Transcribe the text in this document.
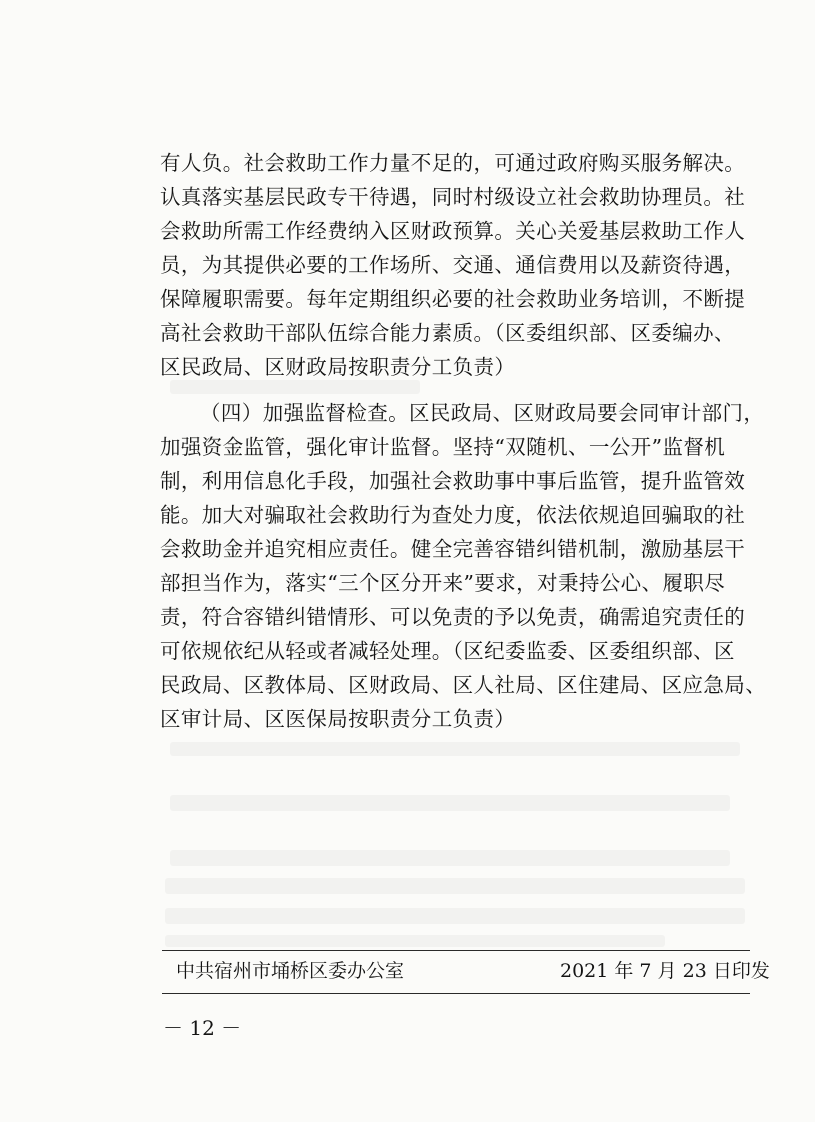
有人负。社会救助工作力量不足的，可通过政府购买服务解决。
认真落实基层民政专干待遇，同时村级设立社会救助协理员。社
会救助所需工作经费纳入区财政预算。关心关爱基层救助工作人
员，为其提供必要的工作场所、交通、通信费用以及薪资待遇，
保障履职需要。每年定期组织必要的社会救助业务培训，不断提
高社会救助干部队伍综合能力素质。（区委组织部、区委编办、
区民政局、区财政局按职责分工负责）
（四）加强监督检查。区民政局、区财政局要会同审计部门，
加强资金监管，强化审计监督。坚持“双随机、一公开”监督机
制，利用信息化手段，加强社会救助事中事后监管，提升监管效
能。加大对骗取社会救助行为查处力度，依法依规追回骗取的社
会救助金并追究相应责任。健全完善容错纠错机制，激励基层干
部担当作为，落实“三个区分开来”要求，对秉持公心、履职尽
责，符合容错纠错情形、可以免责的予以免责，确需追究责任的
可依规依纪从轻或者减轻处理。（区纪委监委、区委组织部、区
民政局、区教体局、区财政局、区人社局、区住建局、区应急局、
区审计局、区医保局按职责分工负责）
中共宿州市埇桥区委办公室	2021 年 7 月 23 日印发
－ 12 －
